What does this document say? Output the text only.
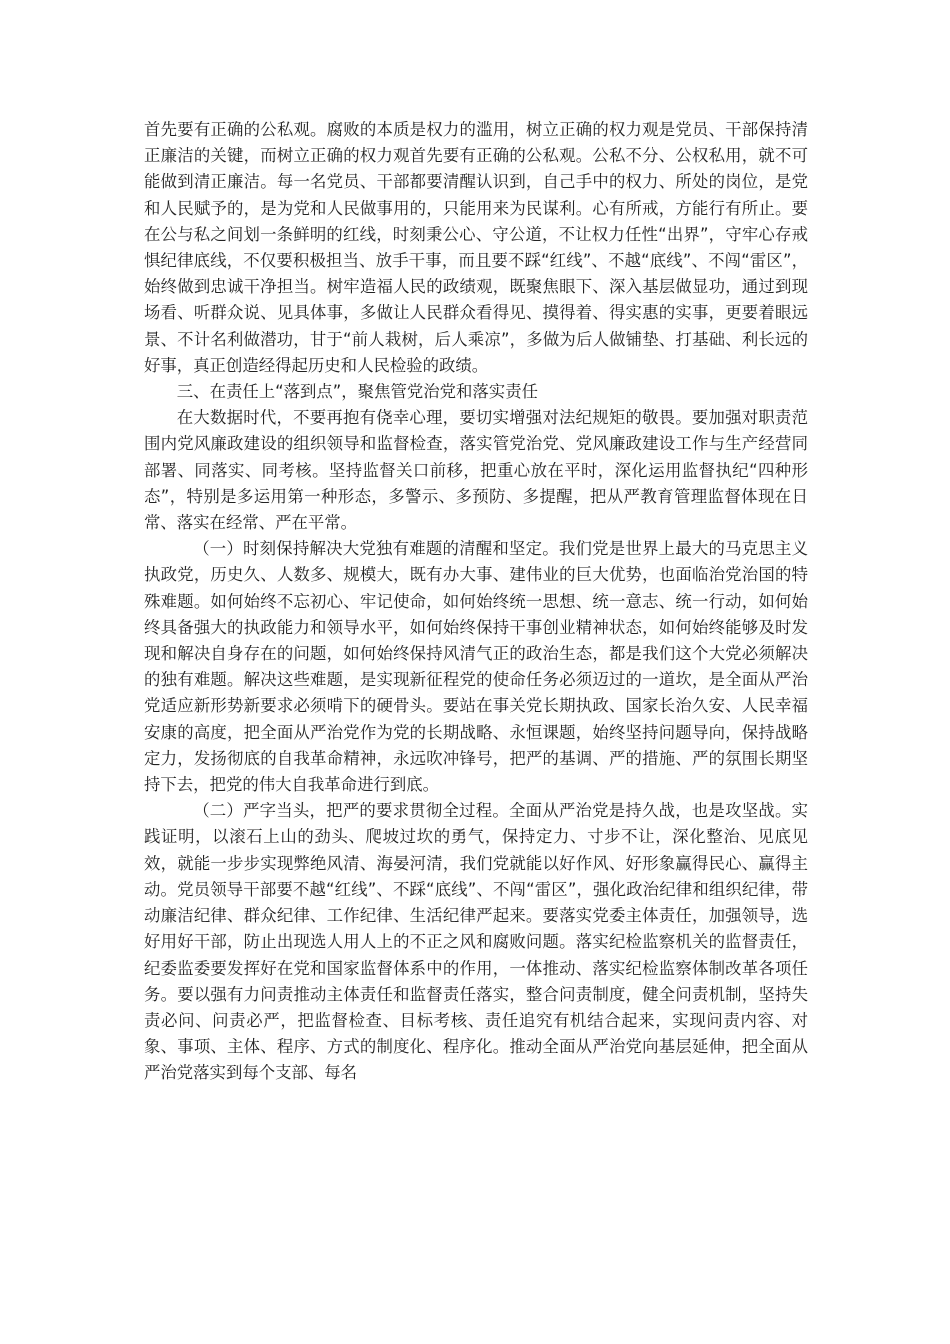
首先要有正确的公私观。腐败的本质是权力的滥用，树立正确的权力观是党员、干部保持清正廉洁的关键，而树立正确的权力观首先要有正确的公私观。公私不分、公权私用，就不可能做到清正廉洁。每一名党员、干部都要清醒认识到，自己手中的权力、所处的岗位，是党和人民赋予的，是为党和人民做事用的，只能用来为民谋利。心有所戒，方能行有所止。要在公与私之间划一条鲜明的红线，时刻秉公心、守公道，不让权力任性“出界”，守牢心存戒惧纪律底线，不仅要积极担当、放手干事，而且要不踩“红线”、不越“底线”、不闯“雷区”，始终做到忠诚干净担当。树牢造福人民的政绩观，既聚焦眼下、深入基层做显功，通过到现场看、听群众说、见具体事，多做让人民群众看得见、摸得着、得实惠的实事，更要着眼远景、不计名利做潜功，甘于“前人栽树，后人乘凉”，多做为后人做铺垫、打基础、利长远的好事，真正创造经得起历史和人民检验的政绩。

三、在责任上“落到点”，聚焦管党治党和落实责任

在大数据时代，不要再抱有侥幸心理，要切实增强对法纪规矩的敬畏。要加强对职责范围内党风廉政建设的组织领导和监督检查，落实管党治党、党风廉政建设工作与生产经营同部署、同落实、同考核。坚持监督关口前移，把重心放在平时，深化运用监督执纪“四种形态”，特别是多运用第一种形态，多警示、多预防、多提醒，把从严教育管理监督体现在日常、落实在经常、严在平常。

（一）时刻保持解决大党独有难题的清醒和坚定。我们党是世界上最大的马克思主义执政党，历史久、人数多、规模大，既有办大事、建伟业的巨大优势，也面临治党治国的特殊难题。如何始终不忘初心、牢记使命，如何始终统一思想、统一意志、统一行动，如何始终具备强大的执政能力和领导水平，如何始终保持干事创业精神状态，如何始终能够及时发现和解决自身存在的问题，如何始终保持风清气正的政治生态，都是我们这个大党必须解决的独有难题。解决这些难题，是实现新征程党的使命任务必须迈过的一道坎，是全面从严治党适应新形势新要求必须啃下的硬骨头。要站在事关党长期执政、国家长治久安、人民幸福安康的高度，把全面从严治党作为党的长期战略、永恒课题，始终坚持问题导向，保持战略定力，发扬彻底的自我革命精神，永远吹冲锋号，把严的基调、严的措施、严的氛围长期坚持下去，把党的伟大自我革命进行到底。

（二）严字当头，把严的要求贯彻全过程。全面从严治党是持久战，也是攻坚战。实践证明，以滚石上山的劲头、爬坡过坎的勇气，保持定力、寸步不让，深化整治、见底见效，就能一步步实现弊绝风清、海晏河清，我们党就能以好作风、好形象赢得民心、赢得主动。党员领导干部要不越“红线”、不踩“底线”、不闯“雷区”，强化政治纪律和组织纪律，带动廉洁纪律、群众纪律、工作纪律、生活纪律严起来。要落实党委主体责任，加强领导，选好用好干部，防止出现选人用人上的不正之风和腐败问题。落实纪检监察机关的监督责任，纪委监委要发挥好在党和国家监督体系中的作用，一体推动、落实纪检监察体制改革各项任务。要以强有力问责推动主体责任和监督责任落实，整合问责制度，健全问责机制，坚持失责必问、问责必严，把监督检查、目标考核、责任追究有机结合起来，实现问责内容、对象、事项、主体、程序、方式的制度化、程序化。推动全面从严治党向基层延伸，把全面从严治党落实到每个支部、每名
